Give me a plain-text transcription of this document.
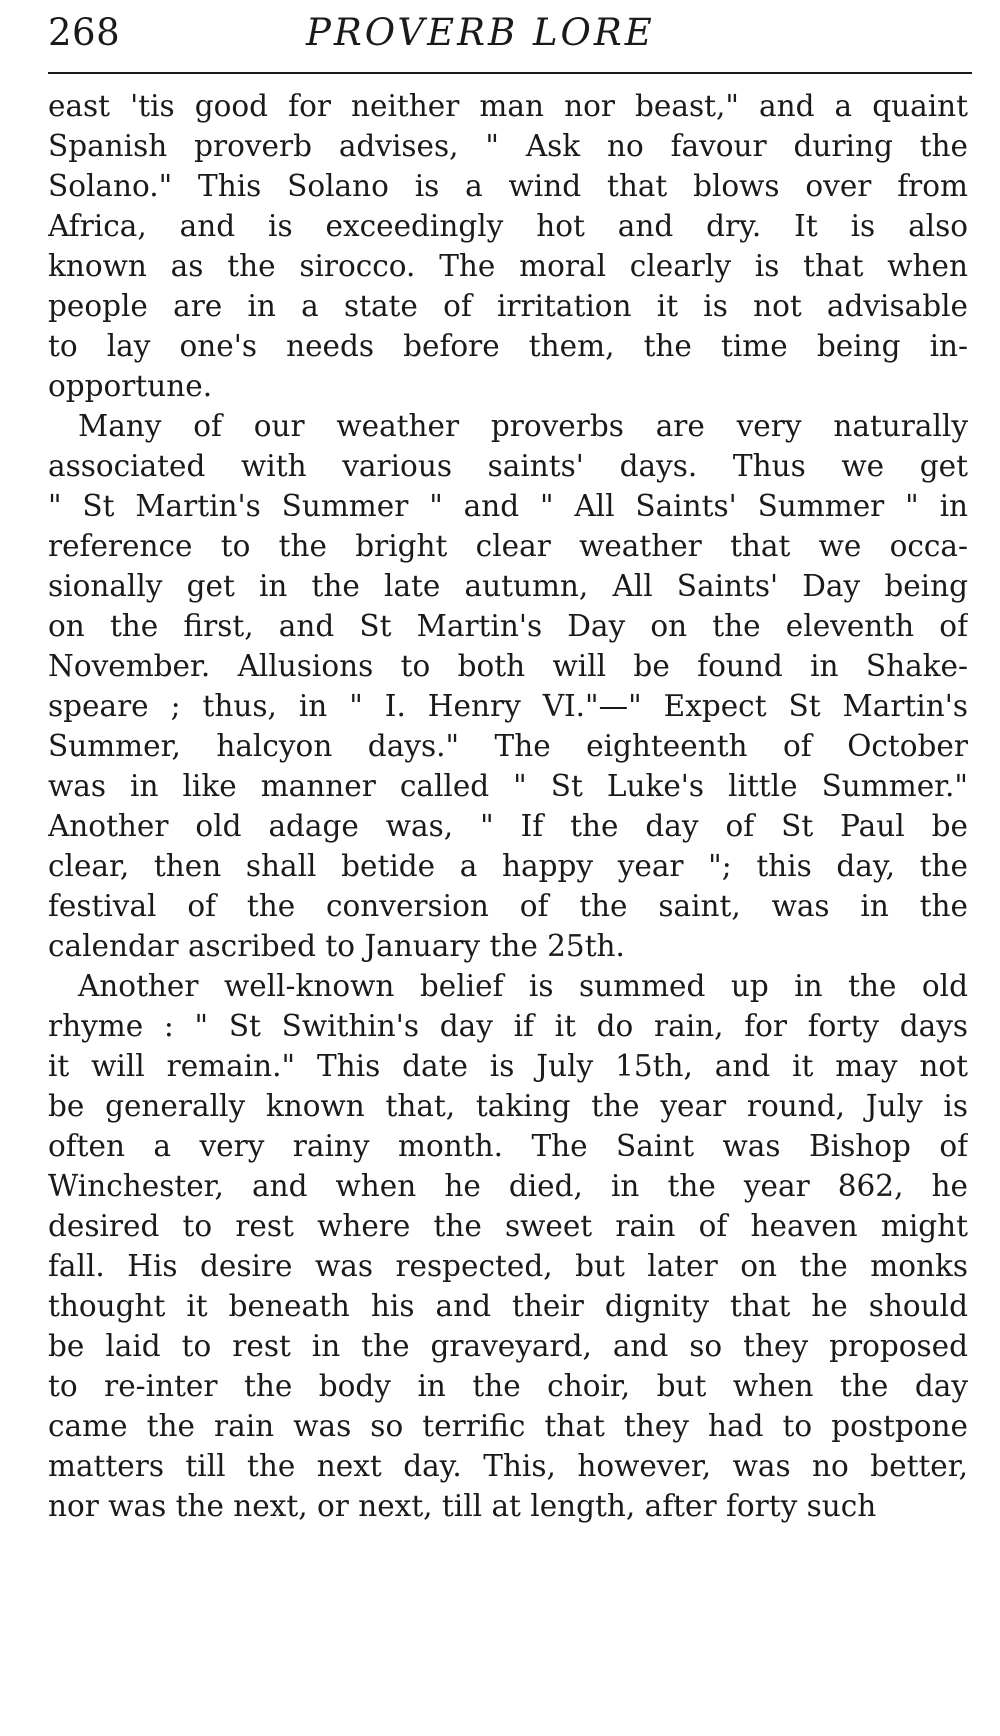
268	PROVERB LORE
east 'tis good for neither man nor beast," and a quaint
Spanish proverb advises, " Ask no favour during the
Solano." This Solano is a wind that blows over from
Africa, and is exceedingly hot and dry. It is also
known as the sirocco. The moral clearly is that when
people are in a state of irritation it is not advisable
to lay one's needs before them, the time being in-
opportune.
Many of our weather proverbs are very naturally
associated with various saints' days. Thus we get
" St Martin's Summer " and " All Saints' Summer " in
reference to the bright clear weather that we occa-
sionally get in the late autumn, All Saints' Day being
on the first, and St Martin's Day on the eleventh of
November. Allusions to both will be found in Shake-
speare ; thus, in " I. Henry VI."—" Expect St Martin's
Summer, halcyon days." The eighteenth of October
was in like manner called " St Luke's little Summer."
Another old adage was, " If the day of St Paul be
clear, then shall betide a happy year "; this day, the
festival of the conversion of the saint, was in the
calendar ascribed to January the 25th.
Another well-known belief is summed up in the old
rhyme : " St Swithin's day if it do rain, for forty days
it will remain." This date is July 15th, and it may not
be generally known that, taking the year round, July is
often a very rainy month. The Saint was Bishop of
Winchester, and when he died, in the year 862, he
desired to rest where the sweet rain of heaven might
fall. His desire was respected, but later on the monks
thought it beneath his and their dignity that he should
be laid to rest in the graveyard, and so they proposed
to re-inter the body in the choir, but when the day
came the rain was so terrific that they had to postpone
matters till the next day. This, however, was no better,
nor was the next, or next, till at length, after forty such
